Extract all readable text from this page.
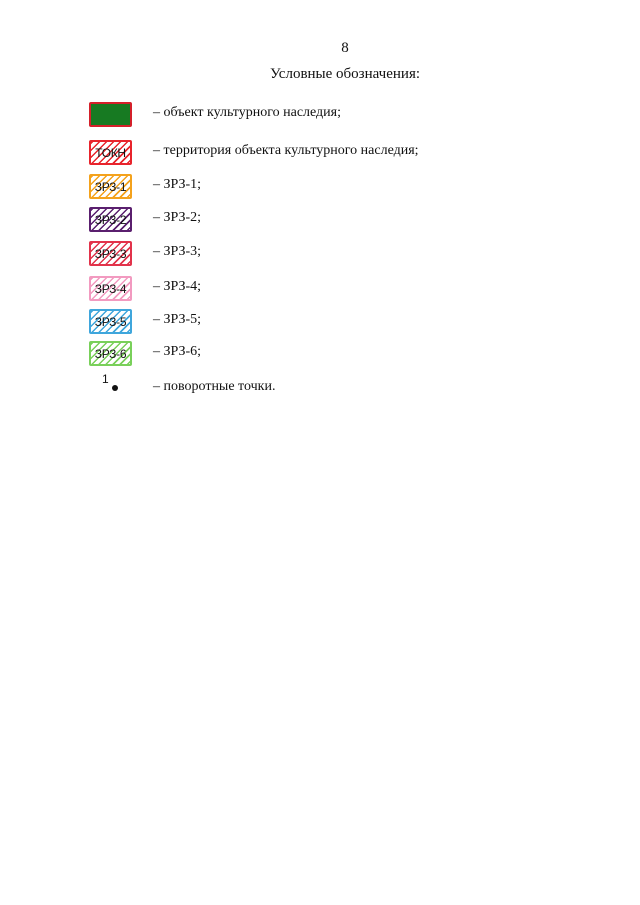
8
Условные обозначения:
– объект культурного наследия;
ТОКН – территория объекта культурного наследия;
ЗРЗ-1 – ЗРЗ-1;
ЗРЗ-2 – ЗРЗ-2;
ЗРЗ-3 – ЗРЗ-3;
ЗРЗ-4 – ЗРЗ-4;
ЗРЗ-5 – ЗРЗ-5;
ЗРЗ-6 – ЗРЗ-6;
1	– поворотные точки.
